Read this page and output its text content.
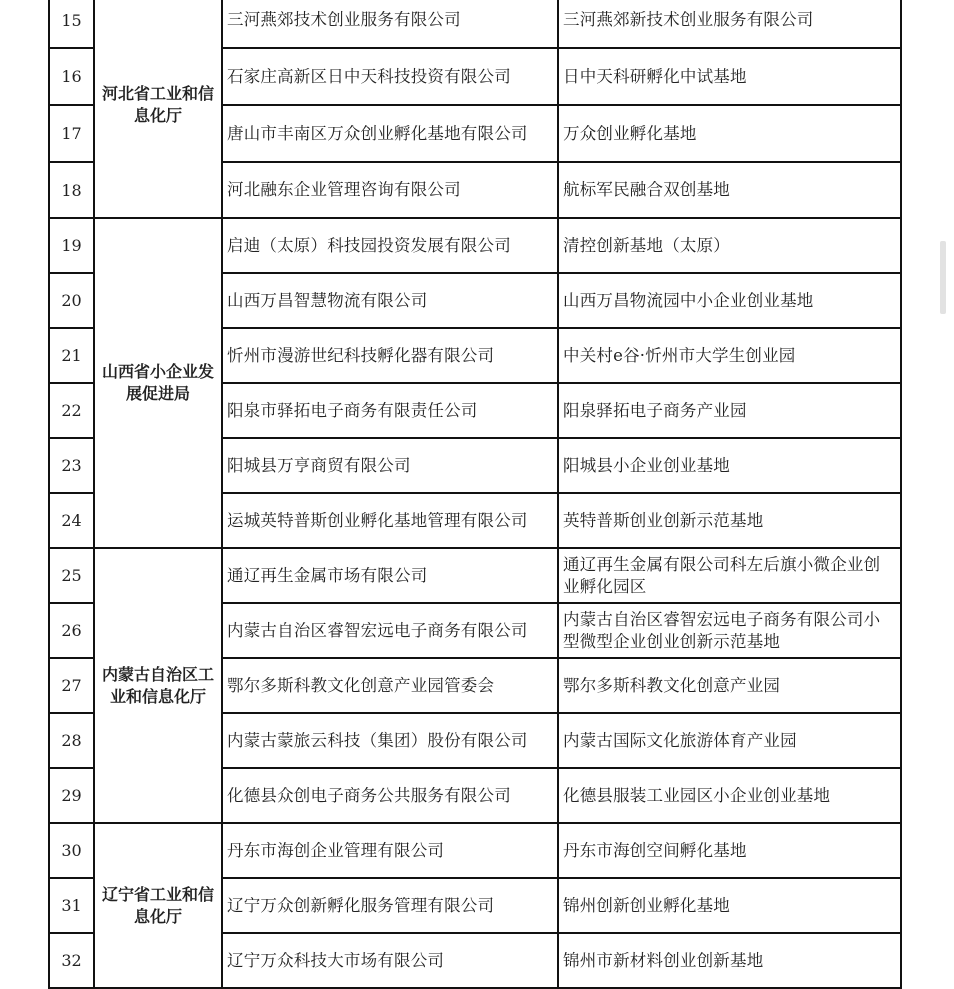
15	河北省工业和信息化厅	三河燕郊技术创业服务有限公司	三河燕郊新技术创业服务有限公司
16		石家庄高新区日中天科技投资有限公司	日中天科研孵化中试基地
17		唐山市丰南区万众创业孵化基地有限公司	万众创业孵化基地
18		河北融东企业管理咨询有限公司	航标军民融合双创基地
19	山西省小企业发展促进局	启迪（太原）科技园投资发展有限公司	清控创新基地（太原）
20		山西万昌智慧物流有限公司	山西万昌物流园中小企业创业基地
21		忻州市漫游世纪科技孵化器有限公司	中关村e谷·忻州市大学生创业园
22		阳泉市驿拓电子商务有限责任公司	阳泉驿拓电子商务产业园
23		阳城县万亨商贸有限公司	阳城县小企业创业基地
24		运城英特普斯创业孵化基地管理有限公司	英特普斯创业创新示范基地
25	内蒙古自治区工业和信息化厅	通辽再生金属市场有限公司	通辽再生金属有限公司科左后旗小微企业创业孵化园区
26		内蒙古自治区睿智宏远电子商务有限公司	内蒙古自治区睿智宏远电子商务有限公司小型微型企业创业创新示范基地
27		鄂尔多斯科教文化创意产业园管委会	鄂尔多斯科教文化创意产业园
28		内蒙古蒙旅云科技（集团）股份有限公司	内蒙古国际文化旅游体育产业园
29		化德县众创电子商务公共服务有限公司	化德县服装工业园区小企业创业基地
30	辽宁省工业和信息化厅	丹东市海创企业管理有限公司	丹东市海创空间孵化基地
31		辽宁万众创新孵化服务管理有限公司	锦州创新创业孵化基地
32		辽宁万众科技大市场有限公司	锦州市新材料创业创新基地
